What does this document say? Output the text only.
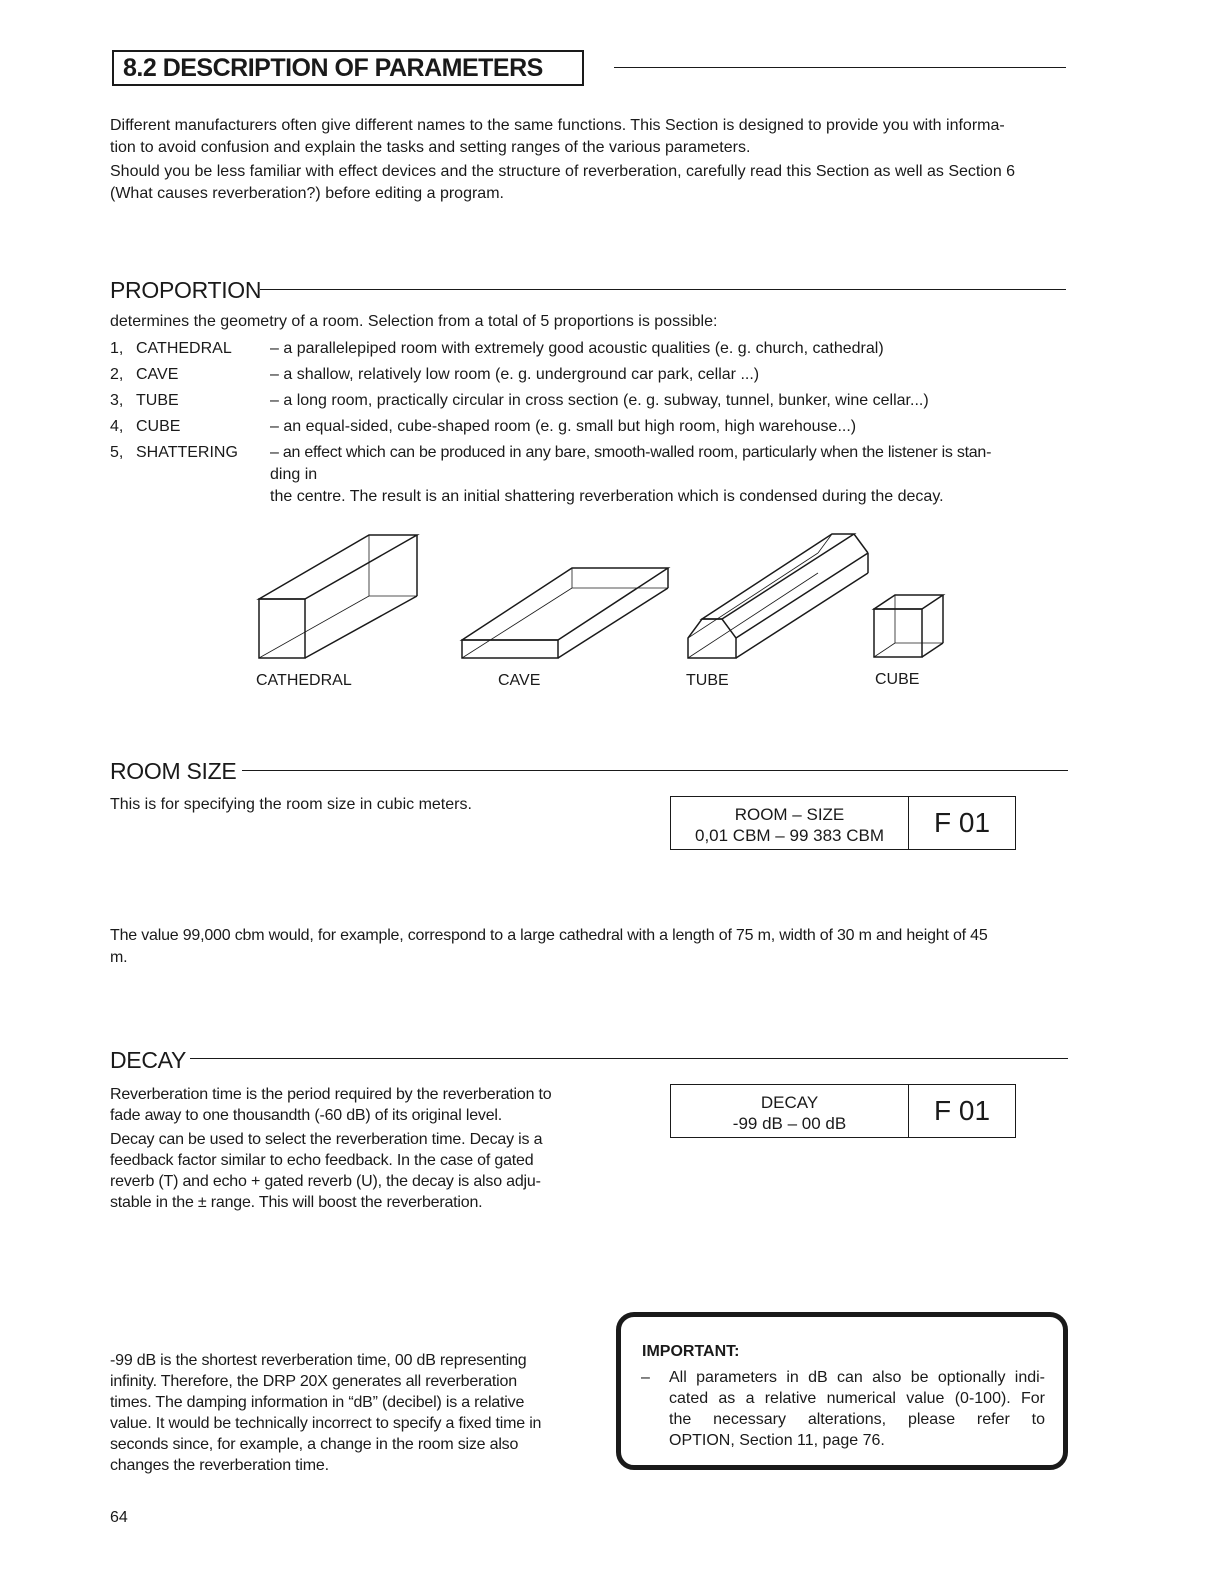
8.2 DESCRIPTION OF PARAMETERS
Different manufacturers often give different names to the same functions. This Section is designed to provide you with informa-
tion to avoid confusion and explain the tasks and setting ranges of the various parameters.
Should you be less familiar with effect devices and the structure of reverberation, carefully read this Section as well as Section 6
(What causes reverberation?) before editing a program.
PROPORTION
determines the geometry of a room. Selection from a total of 5 proportions is possible:
1, CATHEDRAL	– a parallelepiped room with extremely good acoustic qualities (e. g. church, cathedral)
2, CAVE	– a shallow, relatively low room (e. g. underground car park, cellar ...)
3, TUBE	– a long room, practically circular in cross section (e. g. subway, tunnel, bunker, wine cellar...)
4, CUBE	– an equal-sided, cube-shaped room (e. g. small but high room, high warehouse...)
5, SHATTERING	– an effect which can be produced in any bare, smooth-walled room, particularly when the listener is stan-
ding in
the centre. The result is an initial shattering reverberation which is condensed during the decay.
CATHEDRAL	CAVE	TUBE	CUBE
ROOM SIZE
This is for specifying the room size in cubic meters.
ROOM – SIZE
0,01 CBM – 99 383 CBM	F 01
The value 99,000 cbm would, for example, correspond to a large cathedral with a length of 75 m, width of 30 m and height of 45
m.
DECAY
Reverberation time is the period required by the reverberation to
fade away to one thousandth (-60 dB) of its original level.
Decay can be used to select the reverberation time. Decay is a
feedback factor similar to echo feedback. In the case of gated
reverb (T) and echo + gated reverb (U), the decay is also adju-
stable in the ± range. This will boost the reverberation.
DECAY
-99 dB – 00 dB	F 01
-99 dB is the shortest reverberation time, 00 dB representing
infinity. Therefore, the DRP 20X generates all reverberation
times. The damping information in “dB” (decibel) is a relative
value. It would be technically incorrect to specify a fixed time in
seconds since, for example, a change in the room size also
changes the reverberation time.
IMPORTANT:
– All parameters in dB can also be optionally indi-
cated as a relative numerical value (0-100). For
the necessary alterations, please refer to
OPTION, Section 11, page 76.
64
